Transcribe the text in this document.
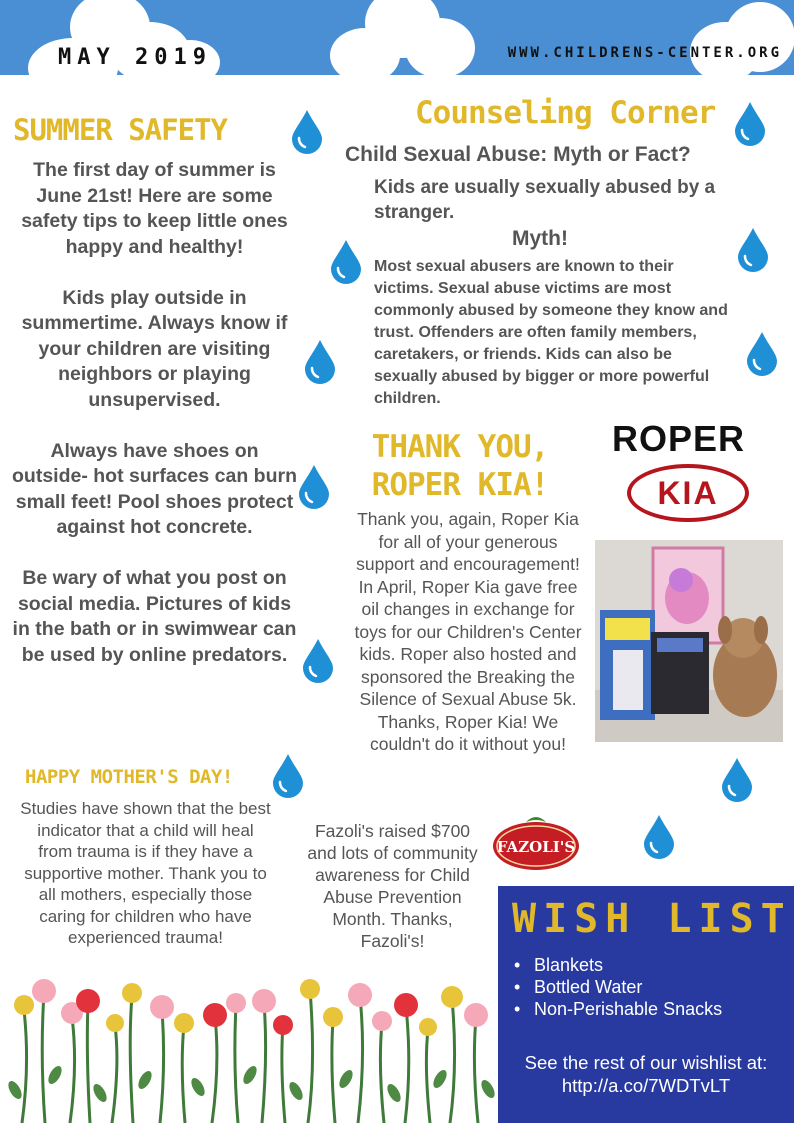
MAY 2019	WWW.CHILDRENS-CENTER.ORG
SUMMER SAFETY

The first day of summer is June 21st! Here are some safety tips to keep little ones happy and healthy!

Kids play outside in summertime. Always know if your children are visiting neighbors or playing unsupervised.

Always have shoes on outside- hot surfaces can burn small feet! Pool shoes protect against hot concrete.

Be wary of what you post on social media. Pictures of kids in the bath or in swimwear can be used by online predators.

Counseling Corner
Child Sexual Abuse: Myth or Fact?
Kids are usually sexually abused by a stranger.
Myth!
Most sexual abusers are known to their victims. Sexual abuse victims are most commonly abused by someone they know and trust. Offenders are often family members, caretakers, or friends. Kids can also be sexually abused by bigger or more powerful children.
THANK YOU, ROPER KIA!
Thank you, again, Roper Kia for all of your generous support and encouragement! In April, Roper Kia gave free oil changes in exchange for toys for our Children's Center kids. Roper also hosted and sponsored the Breaking the Silence of Sexual Abuse 5k. Thanks, Roper Kia! We couldn't do it without you!
ROPER
KIA
HAPPY MOTHER'S DAY!
Studies have shown that the best indicator that a child will heal from trauma is if they have a supportive mother. Thank you to all mothers, especially those caring for children who have experienced trauma!
Fazoli's raised $700 and lots of community awareness for Child Abuse Prevention Month. Thanks, Fazoli's!
FAZOLI'S
WISH LIST
• Blankets
• Bottled Water
• Non-Perishable Snacks
See the rest of our wishlist at:
http://a.co/7WDTvLT
